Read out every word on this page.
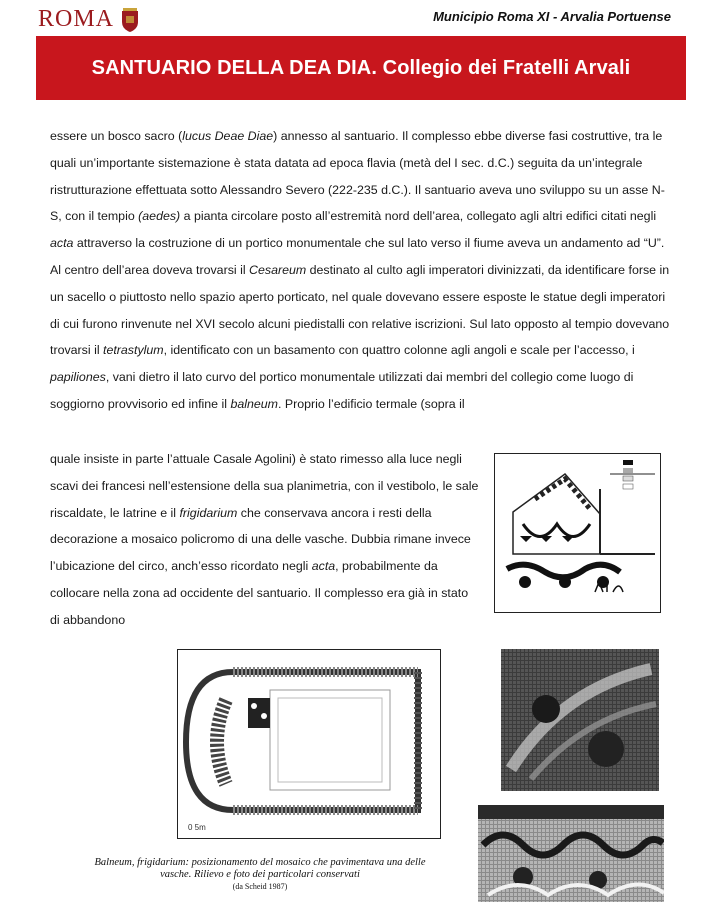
ROMA	Municipio Roma XI - Arvalia Portuense
SANTUARIO DELLA DEA DIA. Collegio dei Fratelli Arvali

essere un bosco sacro (lucus Deae Diae) annesso al santuario. Il complesso ebbe diverse fasi costruttive, tra le quali un’importante sistemazione è stata datata ad epoca flavia (metà del I sec. d.C.) seguita da un’integrale ristrutturazione effettuata sotto Alessandro Severo (222-235 d.C.). Il santuario aveva uno sviluppo su un asse N-S, con il tempio (aedes) a pianta circolare posto all’estremità nord dell’area, collegato agli altri edifici citati negli acta attraverso la costruzione di un portico monumentale che sul lato verso il fiume aveva un andamento ad “U”. Al centro dell’area doveva trovarsi il Cesareum destinato al culto agli imperatori divinizzati, da identificare forse in un sacello o piuttosto nello spazio aperto porticato, nel quale dovevano essere esposte le statue degli imperatori di cui furono rinvenute nel XVI secolo alcuni piedistalli con relative iscrizioni. Sul lato opposto al tempio dovevano trovarsi il tetrastylum, identificato con un basamento con quattro colonne agli angoli e scale per l’accesso, i papiliones, vani dietro il lato curvo del portico monumentale utilizzati dai membri del collegio come luogo di soggiorno provvisorio ed infine il balneum. Proprio l’edificio termale (sopra il

quale insiste in parte l’attuale Casale Agolini) è stato rimesso alla luce negli scavi dei francesi nell’estensione della sua planimetria, con il vestibolo, le sale riscaldate, le latrine e il frigidarium che conservava ancora i resti della decorazione a mosaico policromo di una delle vasche. Dubbia rimane invece l’ubicazione del circo, anch’esso ricordato negli acta, probabilmente da collocare nella zona ad occidente del santuario. Il complesso era già in stato di abbandono

0 5m
Balneum, frigidarium: posizionamento del mosaico che pavimentava una delle vasche. Rilievo e foto dei particolari conservati
(da Scheid 1987)
